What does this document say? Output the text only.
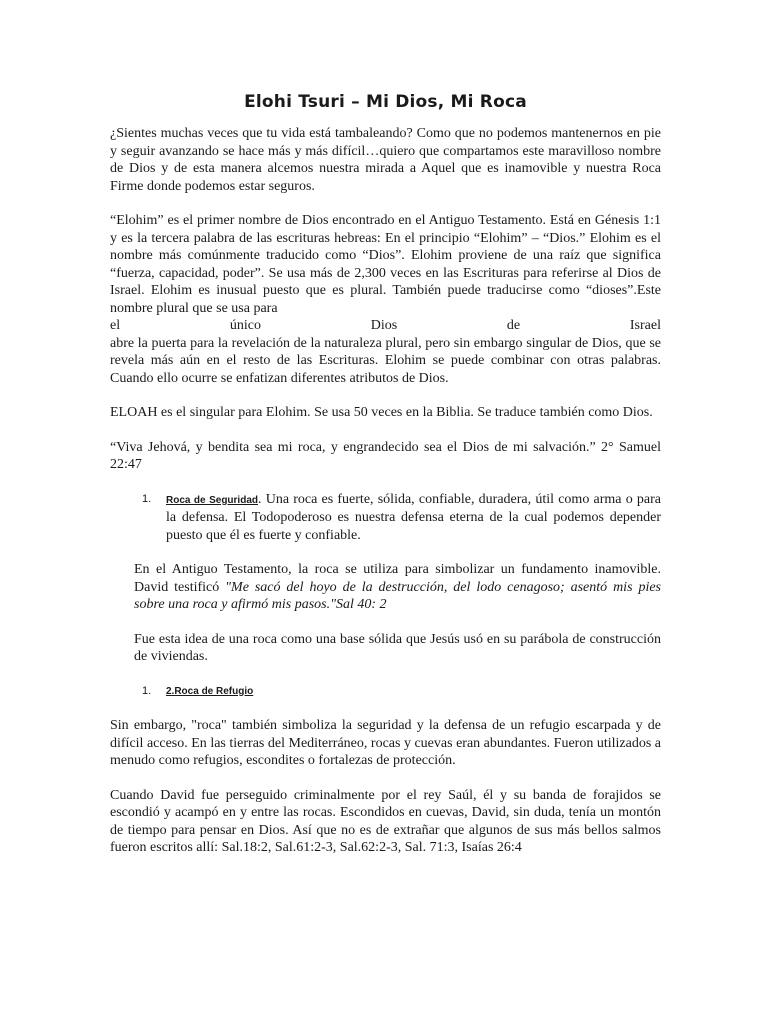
Elohi Tsuri – Mi Dios, Mi Roca

¿Sientes muchas veces que tu vida está tambaleando? Como que no podemos mantenernos en pie y seguir avanzando se hace más y más difícil…quiero que compartamos este maravilloso nombre de Dios y de esta manera alcemos nuestra mirada a Aquel que es inamovible y nuestra Roca Firme donde podemos estar seguros.

“Elohim” es el primer nombre de Dios encontrado en el Antiguo Testamento. Está en Génesis 1:1 y es la tercera palabra de las escrituras hebreas: En el principio “Elohim” – “Dios.” Elohim es el nombre más comúnmente traducido como “Dios”. Elohim proviene de una raíz que significa “fuerza, capacidad, poder”. Se usa más de 2,300 veces en las Escrituras para referirse al Dios de Israel. Elohim es inusual puesto que es plural. También puede traducirse como “dioses”.Este nombre plural que se usa para

el	único	Dios	de	Israel

abre la puerta para la revelación de la naturaleza plural, pero sin embargo singular de Dios, que se revela más aún en el resto de las Escrituras. Elohim se puede combinar con otras palabras. Cuando ello ocurre se enfatizan diferentes atributos de Dios.

ELOAH es el singular para Elohim. Se usa 50 veces en la Biblia. Se traduce también como Dios.

“Viva Jehová, y bendita sea mi roca, y engrandecido sea el Dios de mi salvación.” 2° Samuel 22:47

1.	Roca de Seguridad. Una roca es fuerte, sólida, confiable, duradera, útil como arma o para la defensa. El Todopoderoso es nuestra defensa eterna de la cual podemos depender puesto que él es fuerte y confiable.

En el Antiguo Testamento, la roca se utiliza para simbolizar un fundamento inamovible. David testificó "Me sacó del hoyo de la destrucción, del lodo cenagoso; asentó mis pies sobre una roca y afirmó mis pasos."Sal 40: 2

Fue esta idea de una roca como una base sólida que Jesús usó en su parábola de construcción de viviendas.

1.	2.Roca de Refugio

Sin embargo, "roca" también simboliza la seguridad y la defensa de un refugio escarpada y de difícil acceso. En las tierras del Mediterráneo, rocas y cuevas eran abundantes. Fueron utilizados a menudo como refugios, escondites o fortalezas de protección.

Cuando David fue perseguido criminalmente por el rey Saúl, él y su banda de forajidos se escondió y acampó en y entre las rocas. Escondidos en cuevas, David, sin duda, tenía un montón de tiempo para pensar en Dios. Así que no es de extrañar que algunos de sus más bellos salmos fueron escritos allí: Sal.18:2, Sal.61:2-3, Sal.62:2-3, Sal. 71:3, Isaías 26:4
